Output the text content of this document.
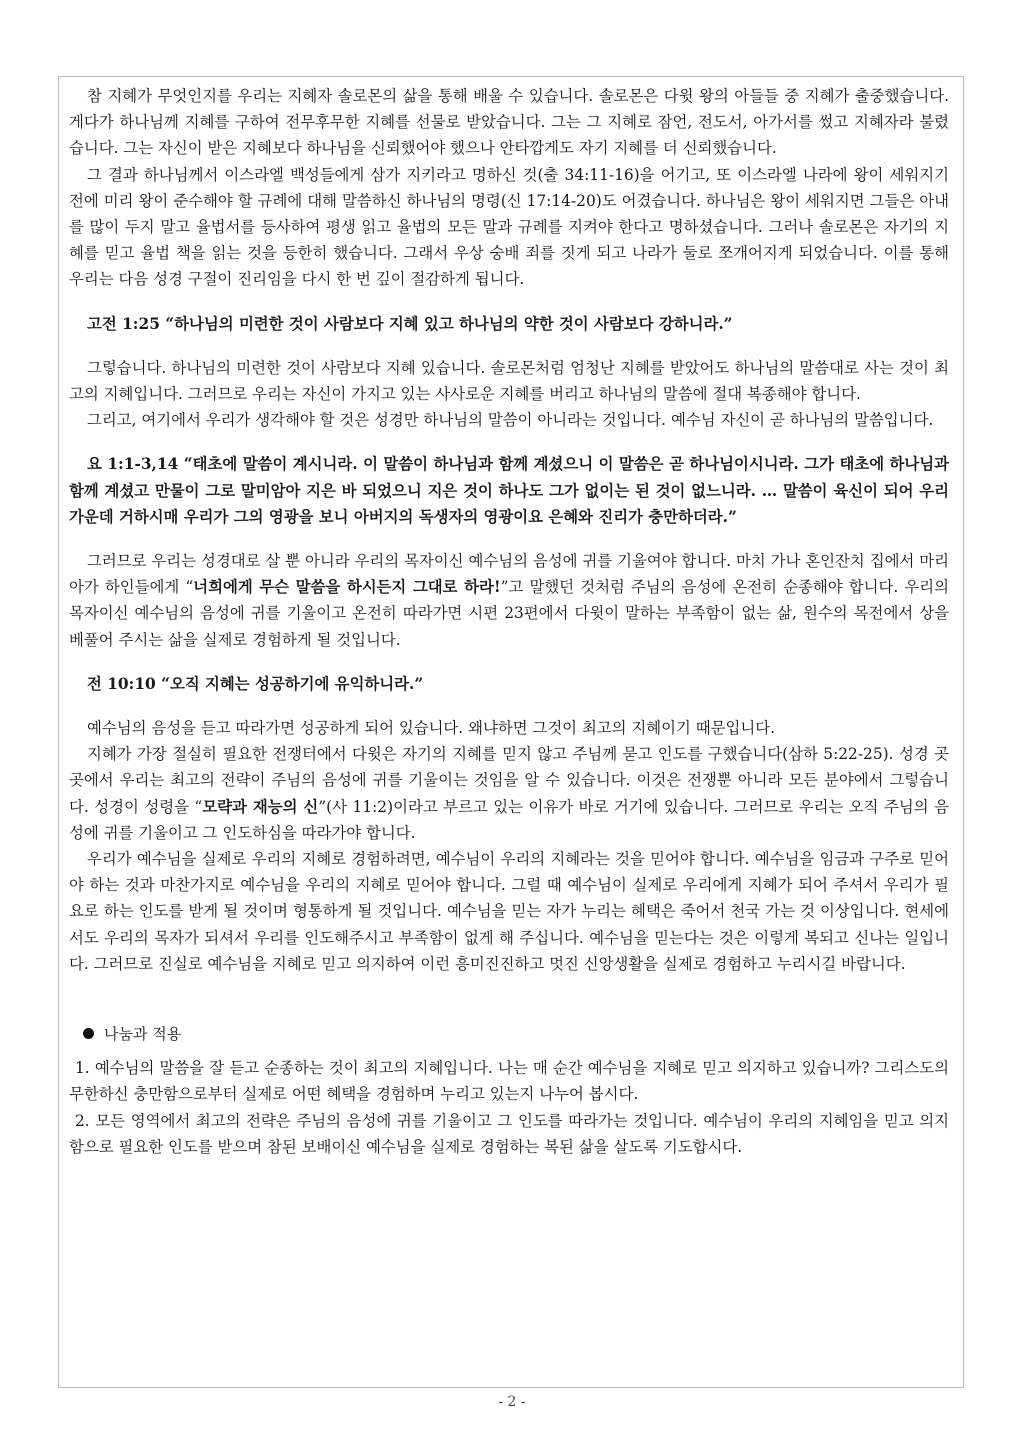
참 지혜가 무엇인지를 우리는 지혜자 솔로몬의 삶을 통해 배울 수 있습니다. 솔로몬은 다윗 왕의 아들들 중 지혜가 출중했습니다. 게다가 하나님께 지혜를 구하여 전무후무한 지혜를 선물로 받았습니다. 그는 그 지혜로 잠언, 전도서, 아가서를 썼고 지혜자라 불렸습니다. 그는 자신이 받은 지혜보다 하나님을 신뢰했어야 했으나 안타깝게도 자기 지혜를 더 신뢰했습니다.

그 결과 하나님께서 이스라엘 백성들에게 삼가 지키라고 명하신 것(출 34:11-16)을 어기고, 또 이스라엘 나라에 왕이 세워지기 전에 미리 왕이 준수해야 할 규례에 대해 말씀하신 하나님의 명령(신 17:14-20)도 어겼습니다. 하나님은 왕이 세워지면 그들은 아내를 많이 두지 말고 율법서를 등사하여 평생 읽고 율법의 모든 말과 규례를 지켜야 한다고 명하셨습니다. 그러나 솔로몬은 자기의 지혜를 믿고 율법 책을 읽는 것을 등한히 했습니다. 그래서 우상 숭배 죄를 짓게 되고 나라가 둘로 쪼개어지게 되었습니다. 이를 통해 우리는 다음 성경 구절이 진리임을 다시 한 번 깊이 절감하게 됩니다.

고전 1:25 “하나님의 미련한 것이 사람보다 지혜 있고 하나님의 약한 것이 사람보다 강하니라.”

그렇습니다. 하나님의 미련한 것이 사람보다 지혜 있습니다. 솔로몬처럼 엄청난 지혜를 받았어도 하나님의 말씀대로 사는 것이 최고의 지혜입니다. 그러므로 우리는 자신이 가지고 있는 사사로운 지혜를 버리고 하나님의 말씀에 절대 복종해야 합니다.

그리고, 여기에서 우리가 생각해야 할 것은 성경만 하나님의 말씀이 아니라는 것입니다. 예수님 자신이 곧 하나님의 말씀입니다.

요 1:1-3,14 “태초에 말씀이 계시니라. 이 말씀이 하나님과 함께 계셨으니 이 말씀은 곧 하나님이시니라. 그가 태초에 하나님과 함께 계셨고 만물이 그로 말미암아 지은 바 되었으니 지은 것이 하나도 그가 없이는 된 것이 없느니라. … 말씀이 육신이 되어 우리 가운데 거하시매 우리가 그의 영광을 보니 아버지의 독생자의 영광이요 은혜와 진리가 충만하더라.”

그러므로 우리는 성경대로 살 뿐 아니라 우리의 목자이신 예수님의 음성에 귀를 기울여야 합니다. 마치 가나 혼인잔치 집에서 마리아가 하인들에게 “너희에게 무슨 말씀을 하시든지 그대로 하라!”고 말했던 것처럼 주님의 음성에 온전히 순종해야 합니다. 우리의 목자이신 예수님의 음성에 귀를 기울이고 온전히 따라가면 시편 23편에서 다윗이 말하는 부족함이 없는 삶, 원수의 목전에서 상을 베풀어 주시는 삶을 실제로 경험하게 될 것입니다.

전 10:10 “오직 지혜는 성공하기에 유익하니라.”

예수님의 음성을 듣고 따라가면 성공하게 되어 있습니다. 왜냐하면 그것이 최고의 지혜이기 때문입니다.

지혜가 가장 절실히 필요한 전쟁터에서 다윗은 자기의 지혜를 믿지 않고 주님께 묻고 인도를 구했습니다(삼하 5:22-25). 성경 곳곳에서 우리는 최고의 전략이 주님의 음성에 귀를 기울이는 것임을 알 수 있습니다. 이것은 전쟁뿐 아니라 모든 분야에서 그렇습니다. 성경이 성령을 “모략과 재능의 신”(사 11:2)이라고 부르고 있는 이유가 바로 거기에 있습니다. 그러므로 우리는 오직 주님의 음성에 귀를 기울이고 그 인도하심을 따라가야 합니다.

우리가 예수님을 실제로 우리의 지혜로 경험하려면, 예수님이 우리의 지혜라는 것을 믿어야 합니다. 예수님을 임금과 구주로 믿어야 하는 것과 마찬가지로 예수님을 우리의 지혜로 믿어야 합니다. 그럴 때 예수님이 실제로 우리에게 지혜가 되어 주셔서 우리가 필요로 하는 인도를 받게 될 것이며 형통하게 될 것입니다. 예수님을 믿는 자가 누리는 혜택은 죽어서 천국 가는 것 이상입니다. 현세에서도 우리의 목자가 되셔서 우리를 인도해주시고 부족함이 없게 해 주십니다. 예수님을 믿는다는 것은 이렇게 복되고 신나는 일입니다. 그러므로 진실로 예수님을 지혜로 믿고 의지하여 이런 흥미진진하고 멋진 신앙생활을 실제로 경험하고 누리시길 바랍니다.

나눔과 적용

1. 예수님의 말씀을 잘 듣고 순종하는 것이 최고의 지혜입니다. 나는 매 순간 예수님을 지혜로 믿고 의지하고 있습니까? 그리스도의 무한하신 충만함으로부터 실제로 어떤 혜택을 경험하며 누리고 있는지 나누어 봅시다.

2. 모든 영역에서 최고의 전략은 주님의 음성에 귀를 기울이고 그 인도를 따라가는 것입니다. 예수님이 우리의 지혜임을 믿고 의지함으로 필요한 인도를 받으며 참된 보배이신 예수님을 실제로 경험하는 복된 삶을 살도록 기도합시다.

- 2 -
